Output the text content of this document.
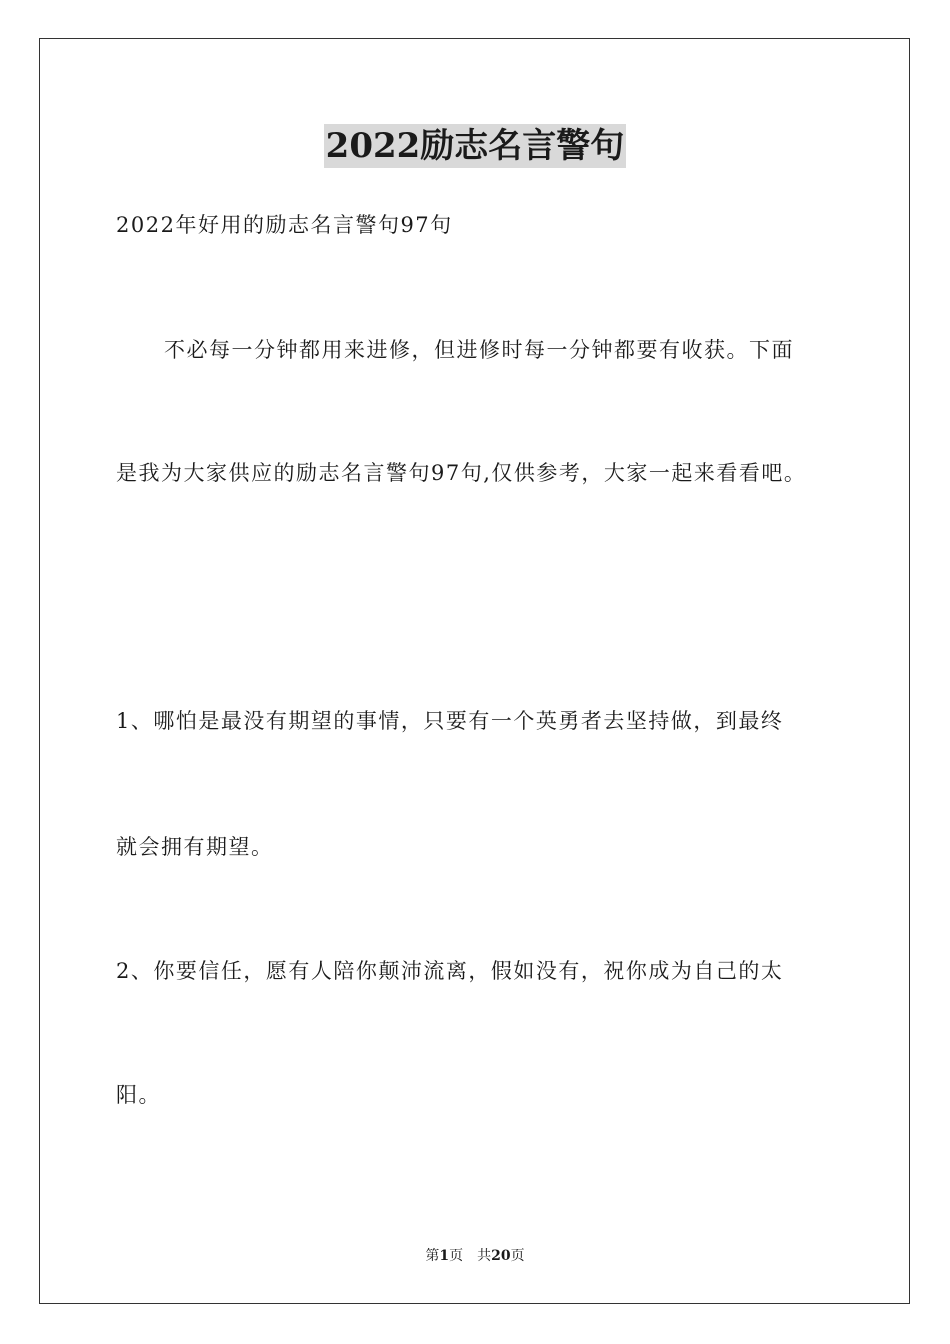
2022励志名言警句
2022年好用的励志名言警句97句
不必每一分钟都用来进修，但进修时每一分钟都要有收获。下面
是我为大家供应的励志名言警句97句,仅供参考，大家一起来看看吧。
1、哪怕是最没有期望的事情，只要有一个英勇者去坚持做，到最终
就会拥有期望。
2、你要信任，愿有人陪你颠沛流离，假如没有，祝你成为自己的太
阳。
第1页　共20页
